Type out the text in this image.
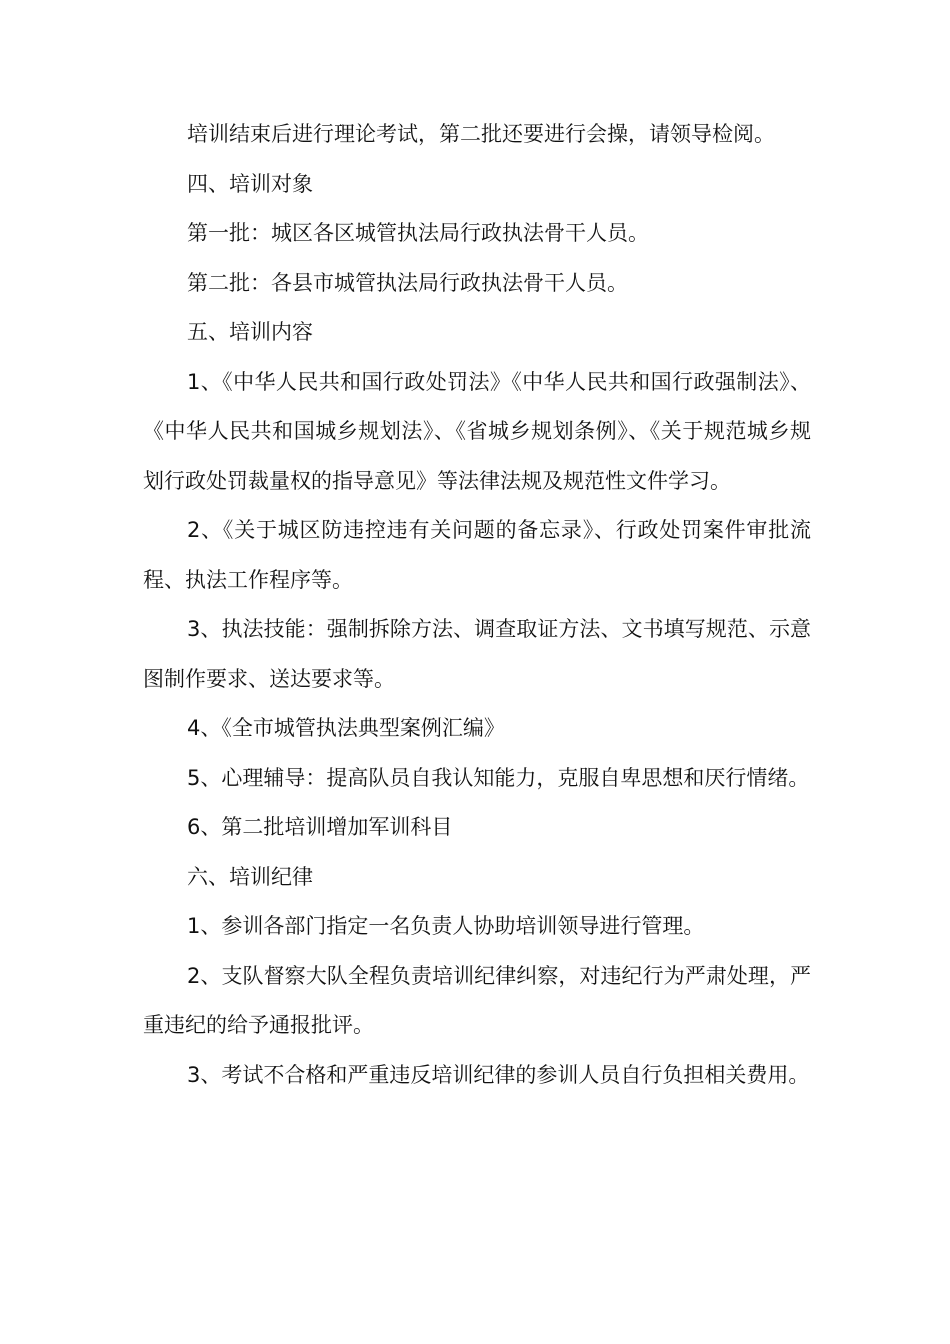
培训结束后进行理论考试，第二批还要进行会操，请领导检阅。

四、培训对象

第一批：城区各区城管执法局行政执法骨干人员。

第二批：各县市城管执法局行政执法骨干人员。

五、培训内容

1、《中华人民共和国行政处罚法》《中华人民共和国行政强制法》、《中华人民共和国城乡规划法》、《省城乡规划条例》、《关于规范城乡规划行政处罚裁量权的指导意见》等法律法规及规范性文件学习。

2、《关于城区防违控违有关问题的备忘录》、行政处罚案件审批流程、执法工作程序等。

3、执法技能：强制拆除方法、调查取证方法、文书填写规范、示意图制作要求、送达要求等。

4、《全市城管执法典型案例汇编》

5、心理辅导：提高队员自我认知能力，克服自卑思想和厌行情绪。

6、第二批培训增加军训科目

六、培训纪律

1、参训各部门指定一名负责人协助培训领导进行管理。

2、支队督察大队全程负责培训纪律纠察，对违纪行为严肃处理，严重违纪的给予通报批评。

3、考试不合格和严重违反培训纪律的参训人员自行负担相关费用。
